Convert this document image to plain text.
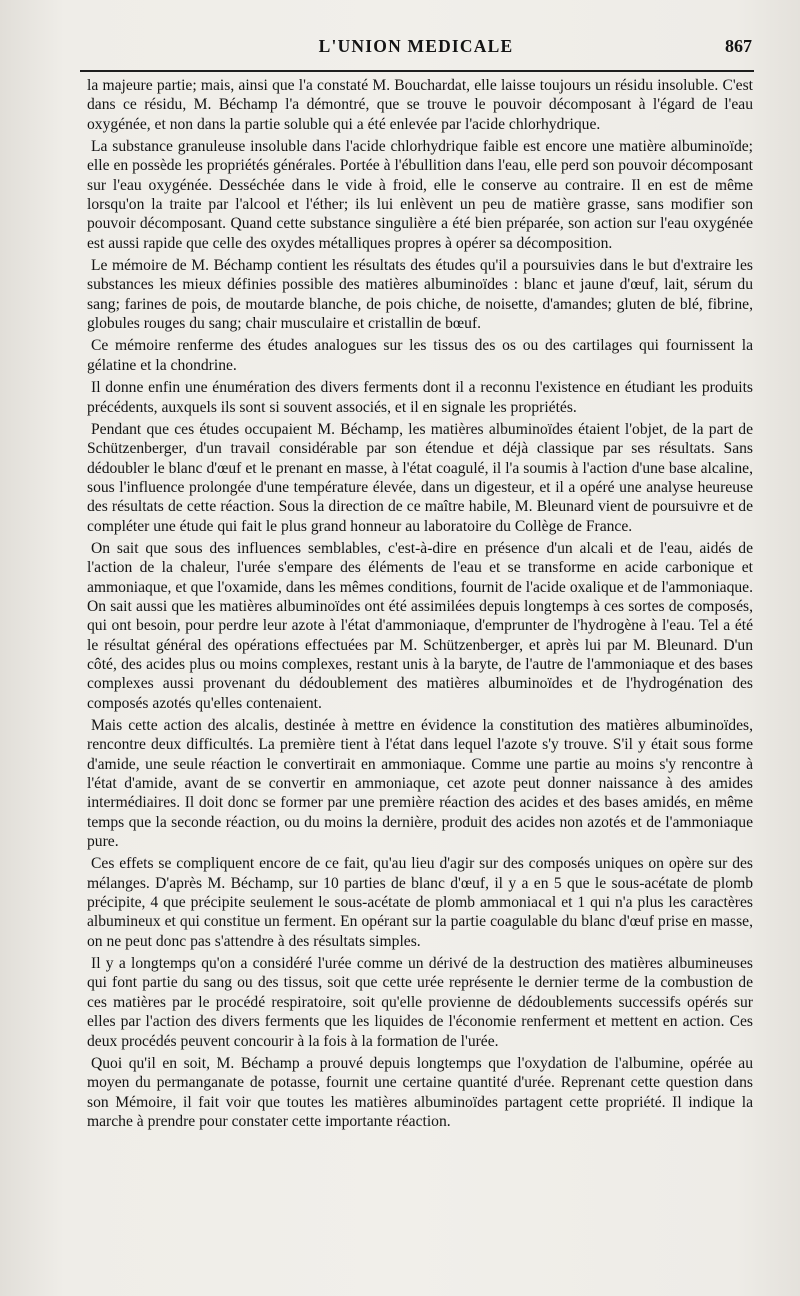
L'UNION MEDICALE	867

la majeure partie; mais, ainsi que l'a constaté M. Bouchardat, elle laisse toujours un résidu insoluble. C'est dans ce résidu, M. Béchamp l'a démontré, que se trouve le pouvoir décomposant à l'égard de l'eau oxygénée, et non dans la partie soluble qui a été enlevée par l'acide chlorhydrique.

La substance granuleuse insoluble dans l'acide chlorhydrique faible est encore une matière albuminoïde; elle en possède les propriétés générales. Portée à l'ébullition dans l'eau, elle perd son pouvoir décomposant sur l'eau oxygénée. Desséchée dans le vide à froid, elle le conserve au contraire. Il en est de même lorsqu'on la traite par l'alcool et l'éther; ils lui enlèvent un peu de matière grasse, sans modifier son pouvoir décomposant. Quand cette substance singulière a été bien préparée, son action sur l'eau oxygénée est aussi rapide que celle des oxydes métalliques propres à opérer sa décomposition.

Le mémoire de M. Béchamp contient les résultats des études qu'il a poursuivies dans le but d'extraire les substances les mieux définies possible des matières albuminoïdes : blanc et jaune d'œuf, lait, sérum du sang; farines de pois, de moutarde blanche, de pois chiche, de noisette, d'amandes; gluten de blé, fibrine, globules rouges du sang; chair musculaire et cristallin de bœuf.

Ce mémoire renferme des études analogues sur les tissus des os ou des cartilages qui fournissent la gélatine et la chondrine.

Il donne enfin une énumération des divers ferments dont il a reconnu l'existence en étudiant les produits précédents, auxquels ils sont si souvent associés, et il en signale les propriétés.

Pendant que ces études occupaient M. Béchamp, les matières albuminoïdes étaient l'objet, de la part de Schützenberger, d'un travail considérable par son étendue et déjà classique par ses résultats. Sans dédoubler le blanc d'œuf et le prenant en masse, à l'état coagulé, il l'a soumis à l'action d'une base alcaline, sous l'influence prolongée d'une température élevée, dans un digesteur, et il a opéré une analyse heureuse des résultats de cette réaction. Sous la direction de ce maître habile, M. Bleunard vient de poursuivre et de compléter une étude qui fait le plus grand honneur au laboratoire du Collège de France.

On sait que sous des influences semblables, c'est-à-dire en présence d'un alcali et de l'eau, aidés de l'action de la chaleur, l'urée s'empare des éléments de l'eau et se transforme en acide carbonique et ammoniaque, et que l'oxamide, dans les mêmes conditions, fournit de l'acide oxalique et de l'ammoniaque. On sait aussi que les matières albuminoïdes ont été assimilées depuis longtemps à ces sortes de composés, qui ont besoin, pour perdre leur azote à l'état d'ammoniaque, d'emprunter de l'hydrogène à l'eau. Tel a été le résultat général des opérations effectuées par M. Schützenberger, et après lui par M. Bleunard. D'un côté, des acides plus ou moins complexes, restant unis à la baryte, de l'autre de l'ammoniaque et des bases complexes aussi provenant du dédoublement des matières albuminoïdes et de l'hydrogénation des composés azotés qu'elles contenaient.

Mais cette action des alcalis, destinée à mettre en évidence la constitution des matières albuminoïdes, rencontre deux difficultés. La première tient à l'état dans lequel l'azote s'y trouve. S'il y était sous forme d'amide, une seule réaction le convertirait en ammoniaque. Comme une partie au moins s'y rencontre à l'état d'amide, avant de se convertir en ammoniaque, cet azote peut donner naissance à des amides intermédiaires. Il doit donc se former par une première réaction des acides et des bases amidés, en même temps que la seconde réaction, ou du moins la dernière, produit des acides non azotés et de l'ammoniaque pure.

Ces effets se compliquent encore de ce fait, qu'au lieu d'agir sur des composés uniques on opère sur des mélanges. D'après M. Béchamp, sur 10 parties de blanc d'œuf, il y a en 5 que le sous-acétate de plomb précipite, 4 que précipite seulement le sous-acétate de plomb ammoniacal et 1 qui n'a plus les caractères albumineux et qui constitue un ferment. En opérant sur la partie coagulable du blanc d'œuf prise en masse, on ne peut donc pas s'attendre à des résultats simples.

Il y a longtemps qu'on a considéré l'urée comme un dérivé de la destruction des matières albumineuses qui font partie du sang ou des tissus, soit que cette urée représente le dernier terme de la combustion de ces matières par le procédé respiratoire, soit qu'elle provienne de dédoublements successifs opérés sur elles par l'action des divers ferments que les liquides de l'économie renferment et mettent en action. Ces deux procédés peuvent concourir à la fois à la formation de l'urée.

Quoi qu'il en soit, M. Béchamp a prouvé depuis longtemps que l'oxydation de l'albumine, opérée au moyen du permanganate de potasse, fournit une certaine quantité d'urée. Reprenant cette question dans son Mémoire, il fait voir que toutes les matières albuminoïdes partagent cette propriété. Il indique la marche à prendre pour constater cette importante réaction.
